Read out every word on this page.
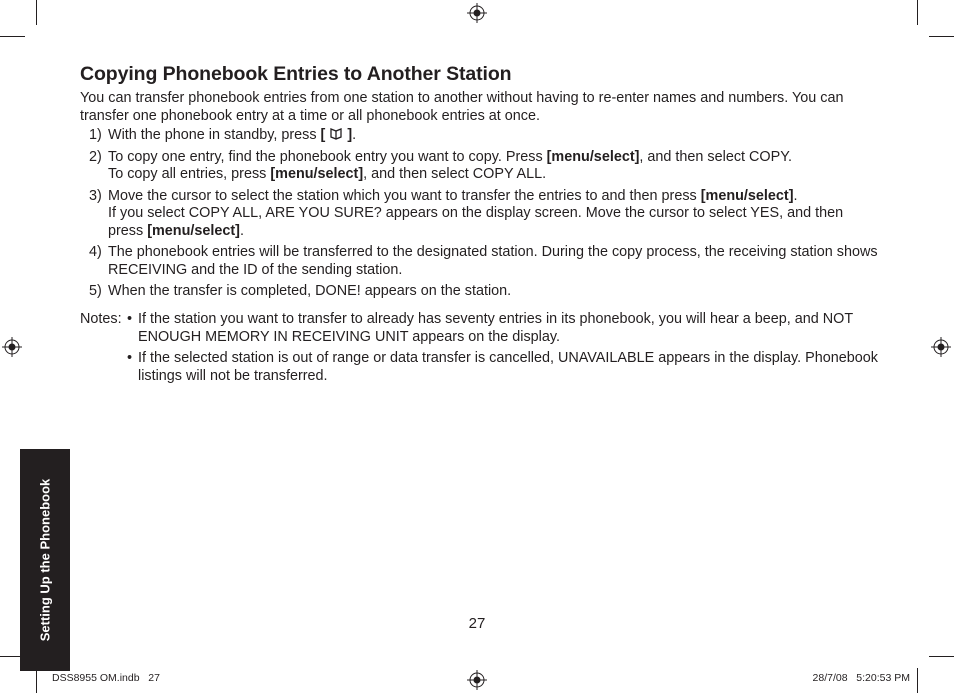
Copying Phonebook Entries to Another Station

You can transfer phonebook entries from one station to another without having to re-enter names and numbers. You can transfer one phonebook entry at a time or all phonebook entries at once.

1) With the phone in standby, press [ ].
2) To copy one entry, find the phonebook entry you want to copy. Press [menu/select], and then select COPY.
To copy all entries, press [menu/select], and then select COPY ALL.
3) Move the cursor to select the station which you want to transfer the entries to and then press [menu/select].
If you select COPY ALL, ARE YOU SURE? appears on the display screen. Move the cursor to select YES, and then press [menu/select].
4) The phonebook entries will be transferred to the designated station. During the copy process, the receiving station shows RECEIVING and the ID of the sending station.
5) When the transfer is completed, DONE! appears on the station.
Notes: • If the station you want to transfer to already has seventy entries in its phonebook, you will hear a beep, and NOT ENOUGH MEMORY IN RECEIVING UNIT appears on the display.
• If the selected station is out of range or data transfer is cancelled, UNAVAILABLE appears in the display. Phonebook listings will not be transferred.
Setting Up the Phonebook	27
DSS8955 OM.indb   27	28/7/08   5:20:53 PM
